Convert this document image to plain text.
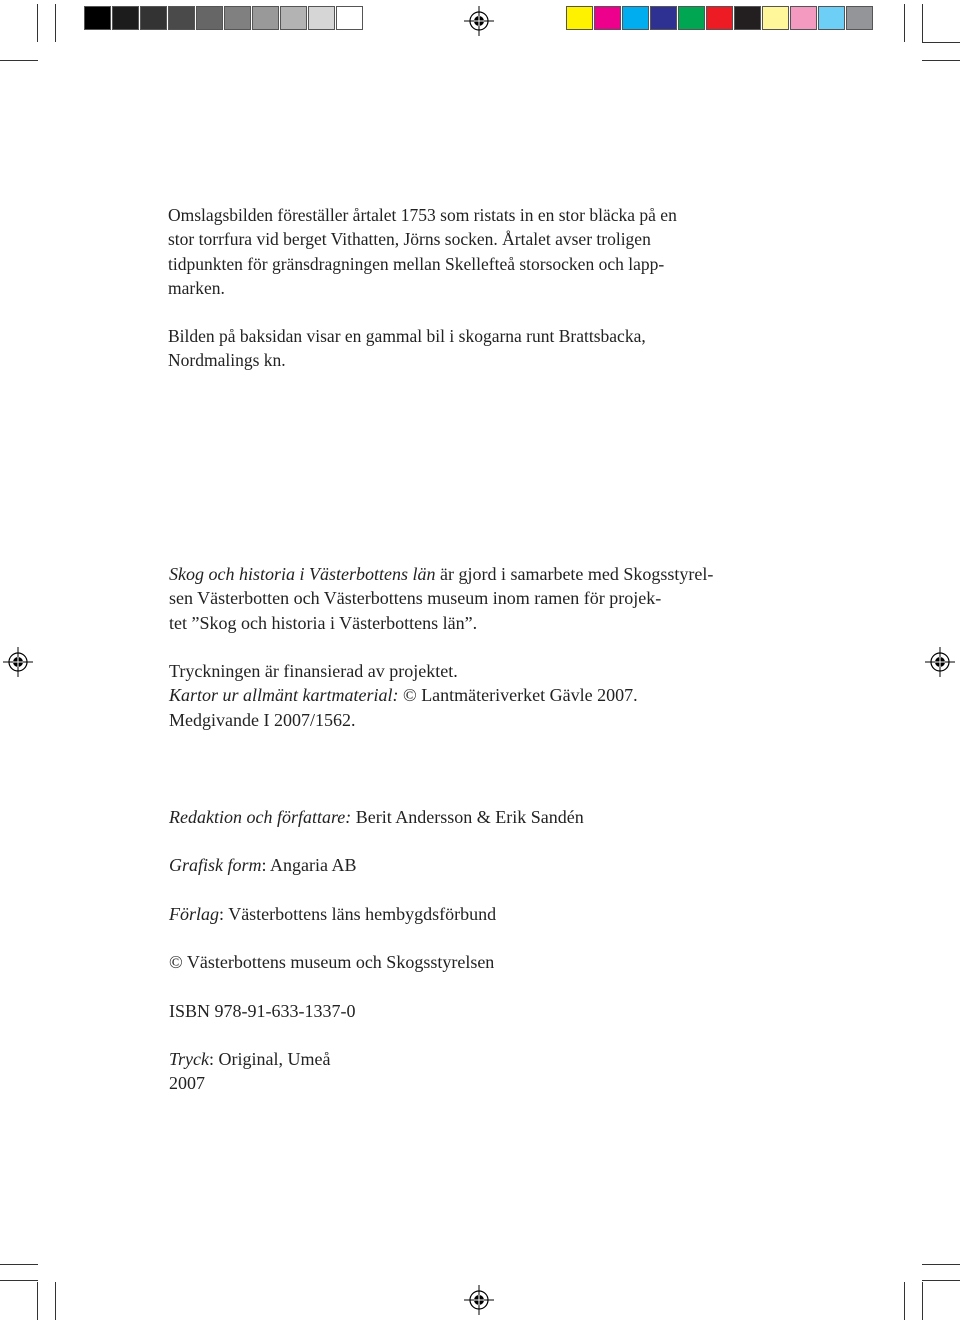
Omslagsbilden föreställer årtalet 1753 som ristats in en stor bläcka på en
stor torrfura vid berget Vithatten, Jörns socken. Årtalet avser troligen
tidpunkten för gränsdragningen mellan Skellefteå storsocken och lapp-
marken.
Bilden på baksidan visar en gammal bil i skogarna runt Brattsbacka,
Nordmalings kn.
Skog och historia i Västerbottens län är gjord i samarbete med Skogsstyrel-
sen Västerbotten och Västerbottens museum inom ramen för projek-
tet ”Skog och historia i Västerbottens län”.
Tryckningen är finansierad av projektet.
Kartor ur allmänt kartmaterial: © Lantmäteriverket Gävle 2007.
Medgivande I 2007/1562.
Redaktion och författare: Berit Andersson & Erik Sandén
Grafisk form: Angaria AB
Förlag: Västerbottens läns hembygdsförbund
© Västerbottens museum och Skogsstyrelsen
ISBN 978-91-633-1337-0
Tryck: Original, Umeå
2007
